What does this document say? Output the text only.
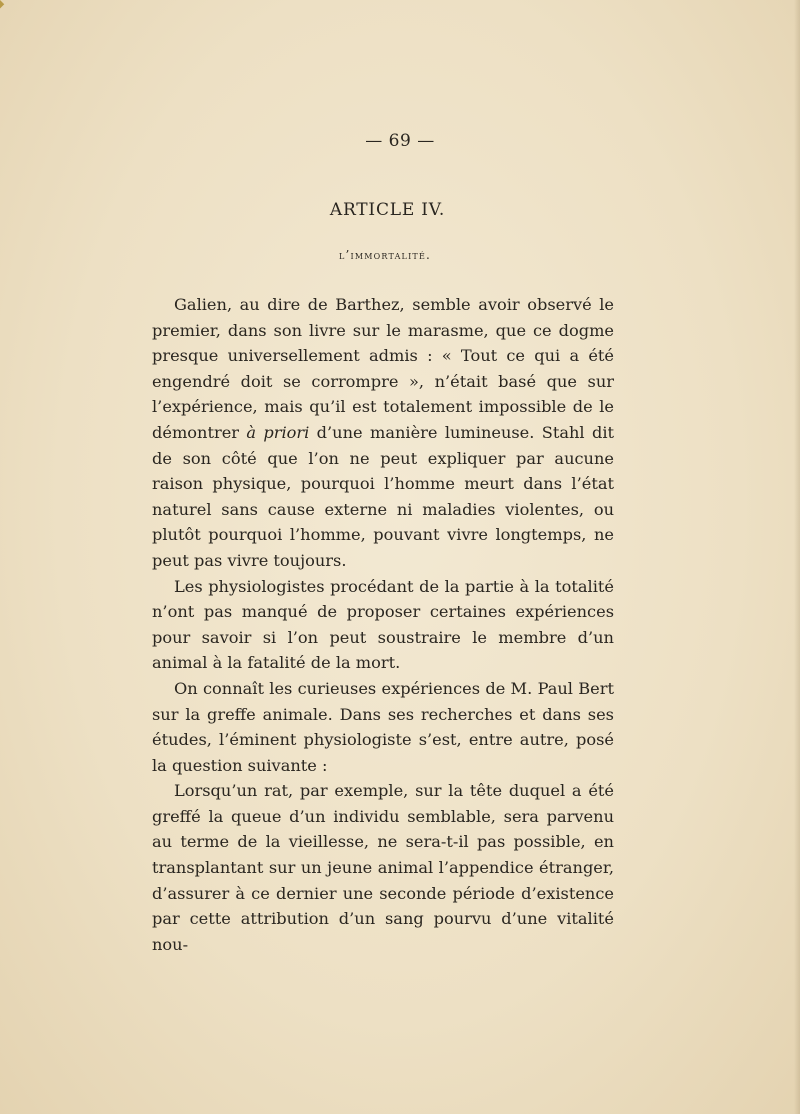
— 69 —
ARTICLE IV.
l’immortalité.

Galien, au dire de Barthez, semble avoir observé le premier, dans son livre sur le marasme, que ce dogme presque universellement admis : « Tout ce qui a été engendré doit se corrompre », n’était basé que sur l’expérience, mais qu’il est totalement impossible de le démontrer à priori d’une manière lumineuse. Stahl dit de son côté que l’on ne peut expliquer par aucune raison physique, pourquoi l’homme meurt dans l’état naturel sans cause externe ni maladies violentes, ou plutôt pourquoi l’homme, pouvant vivre longtemps, ne peut pas vivre toujours.

Les physiologistes procédant de la partie à la totalité n’ont pas manqué de proposer certaines expériences pour savoir si l’on peut soustraire le membre d’un animal à la fatalité de la mort.

On connaît les curieuses expériences de M. Paul Bert sur la greffe animale. Dans ses recherches et dans ses études, l’éminent physiologiste s’est, entre autre, posé la question suivante :

Lorsqu’un rat, par exemple, sur la tête duquel a été greffé la queue d’un individu semblable, sera parvenu au terme de la vieillesse, ne sera-t-il pas possible, en transplantant sur un jeune animal l’appendice étranger, d’assurer à ce dernier une seconde période d’existence par cette attribution d’un sang pourvu d’une vitalité nou-
